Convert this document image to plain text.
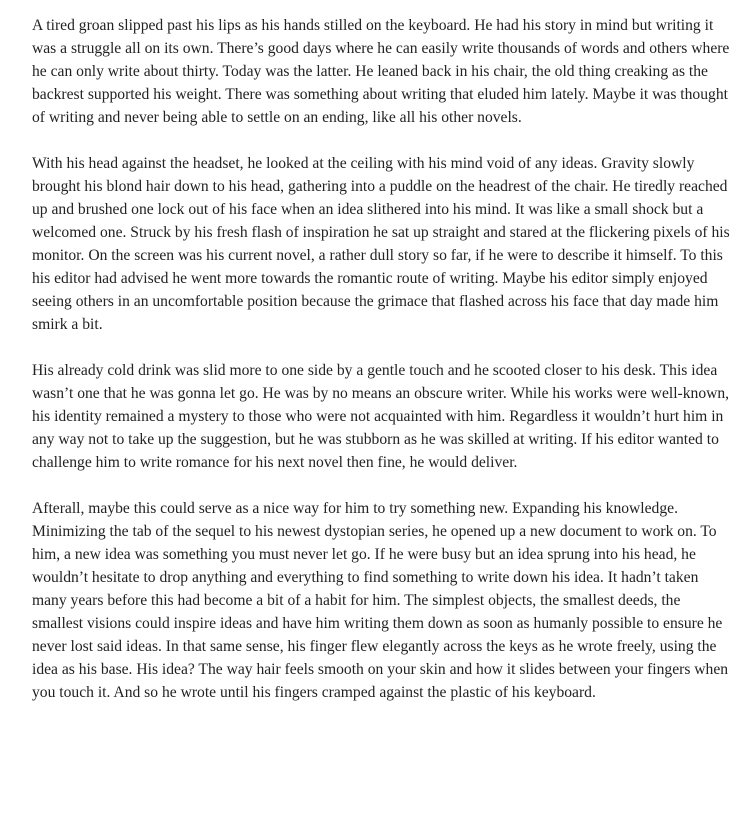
A tired groan slipped past his lips as his hands stilled on the keyboard. He had his story in mind but writing it was a struggle all on its own. There’s good days where he can easily write thousands of words and others where he can only write about thirty. Today was the latter. He leaned back in his chair, the old thing creaking as the backrest supported his weight. There was something about writing that eluded him lately. Maybe it was thought of writing and never being able to settle on an ending, like all his other novels.

With his head against the headset, he looked at the ceiling with his mind void of any ideas. Gravity slowly brought his blond hair down to his head, gathering into a puddle on the headrest of the chair. He tiredly reached up and brushed one lock out of his face when an idea slithered into his mind. It was like a small shock but a welcomed one. Struck by his fresh flash of inspiration he sat up straight and stared at the flickering pixels of his monitor. On the screen was his current novel, a rather dull story so far, if he were to describe it himself. To this his editor had advised he went more towards the romantic route of writing. Maybe his editor simply enjoyed seeing others in an uncomfortable position because the grimace that flashed across his face that day made him smirk a bit.

His already cold drink was slid more to one side by a gentle touch and he scooted closer to his desk. This idea wasn’t one that he was gonna let go. He was by no means an obscure writer. While his works were well-known, his identity remained a mystery to those who were not acquainted with him. Regardless it wouldn’t hurt him in any way not to take up the suggestion, but he was stubborn as he was skilled at writing. If his editor wanted to challenge him to write romance for his next novel then fine, he would deliver.

Afterall, maybe this could serve as a nice way for him to try something new. Expanding his knowledge. Minimizing the tab of the sequel to his newest dystopian series, he opened up a new document to work on. To him, a new idea was something you must never let go. If he were busy but an idea sprung into his head, he wouldn’t hesitate to drop anything and everything to find something to write down his idea. It hadn’t taken many years before this had become a bit of a habit for him. The simplest objects, the smallest deeds, the smallest visions could inspire ideas and have him writing them down as soon as humanly possible to ensure he never lost said ideas. In that same sense, his finger flew elegantly across the keys as he wrote freely, using the idea as his base. His idea? The way hair feels smooth on your skin and how it slides between your fingers when you touch it. And so he wrote until his fingers cramped against the plastic of his keyboard.
